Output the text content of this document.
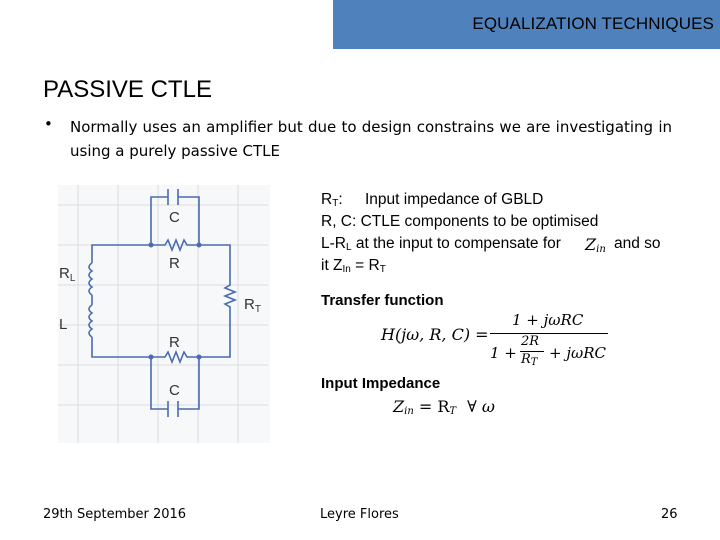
EQUALIZATION TECHNIQUES
PASSIVE CTLE
• Normally uses an amplifier but due to design constrains we are investigating in using a purely passive CTLE
C
R
$R_L$
L
$R_T$
R
C
$R_T$: Input impedance of GBLD
R, C: CTLE components to be optimised
$L-R_L$ at the input to compensate for $Z_{in}$ and so
it $Z_{In} = R_T$
Transfer function
H(jω, R, C) =
1 + jωRC
1 +
2R
$R_T$
+ jωRC
Input Impedance
$Z_{in} = R_T$ ∀ ω
29th September 2016	Leyre Flores	26
